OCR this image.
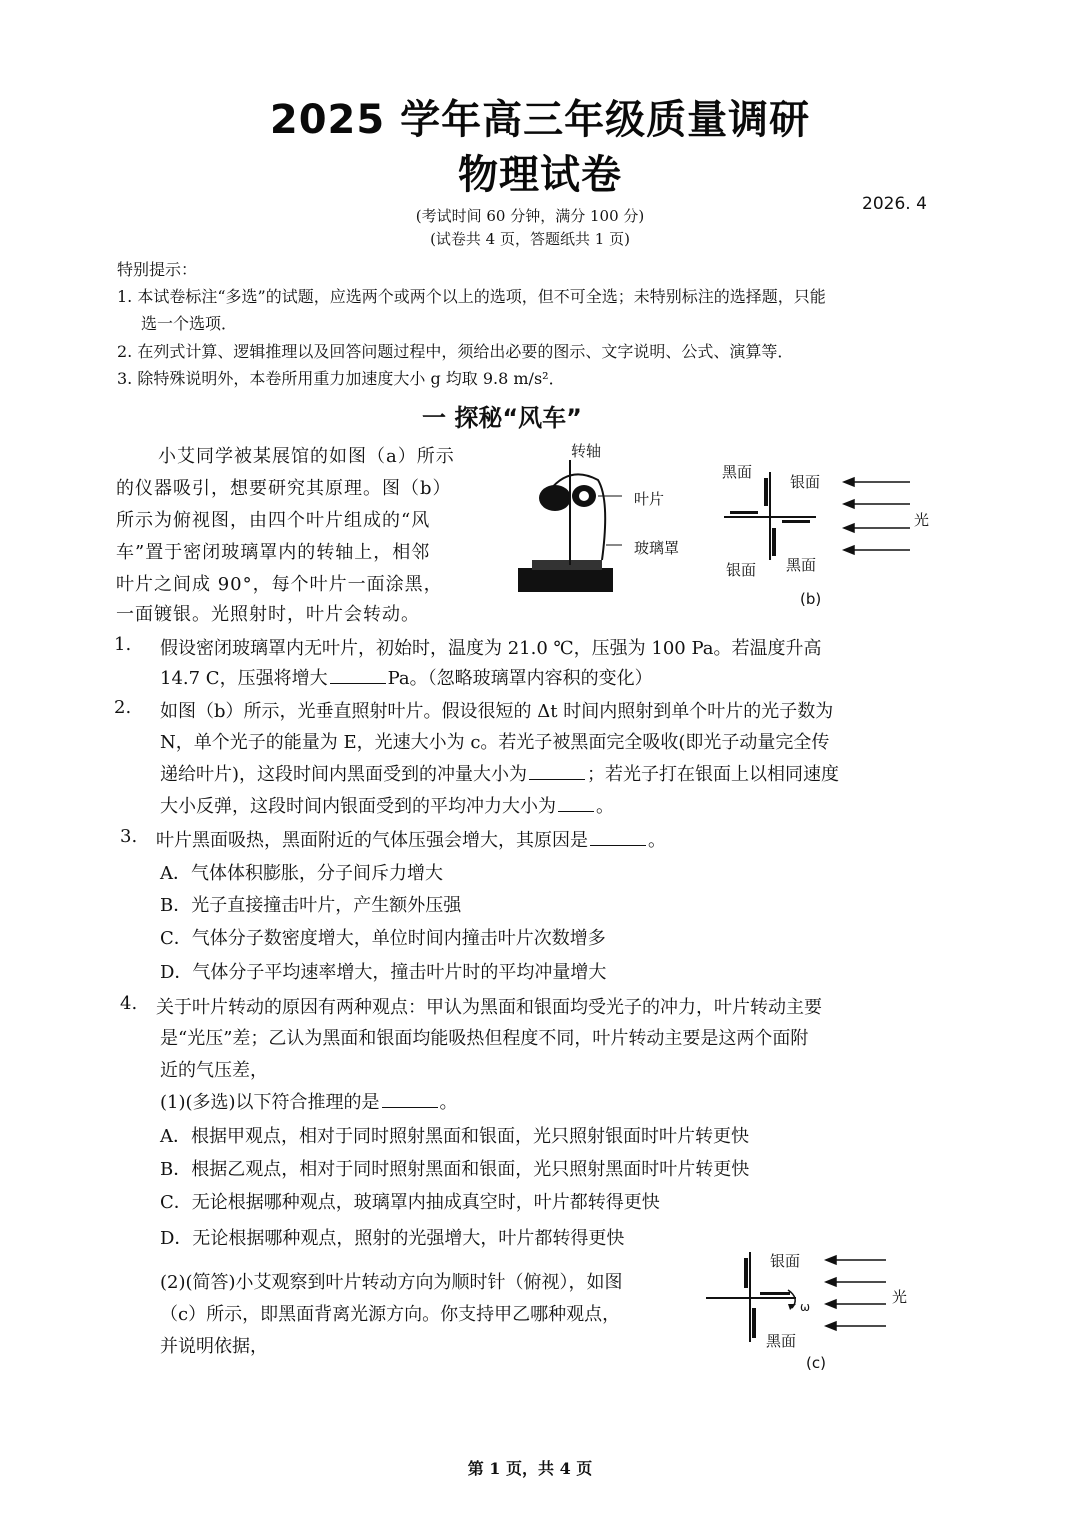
2025 学年高三年级质量调研
物理试卷
2026. 4
(考试时间 60 分钟，满分 100 分)
(试卷共 4 页，答题纸共 1 页)
特别提示：
1. 本试卷标注“多选”的试题，应选两个或两个以上的选项，但不可全选；未特别标注的选择题，只能
选一个选项．
2. 在列式计算、逻辑推理以及回答问题过程中，须给出必要的图示、文字说明、公式、演算等．
3. 除特殊说明外，本卷所用重力加速度大小 g 均取 9.8 m/s²．
一 探秘“风车”
小艾同学被某展馆的如图（a）所示
的仪器吸引，想要研究其原理。图（b）
所示为俯视图，由四个叶片组成的“风
车”置于密闭玻璃罩内的转轴上，相邻
叶片之间成 90°，每个叶片一面涂黑，
一面镀银。光照射时，叶片会转动。
转轴
叶片
玻璃罩
黑面
银面
银面 黑面
光
(b)
1. 假设密闭玻璃罩内无叶片，初始时，温度为 21.0 ℃，压强为 100 Pa。若温度升高
14.7 C，压强将增大	Pa。（忽略玻璃罩内容积的变化）
2. 如图（b）所示，光垂直照射叶片。假设很短的 Δt 时间内照射到单个叶片的光子数为
N，单个光子的能量为 E，光速大小为 c。若光子被黑面完全吸收(即光子动量完全传
递给叶片)，这段时间内黑面受到的冲量大小为	；若光子打在银面上以相同速度
大小反弹，这段时间内银面受到的平均冲力大小为 。
3. 叶片黑面吸热，黑面附近的气体压强会增大，其原因是	。
A．气体体积膨胀，分子间斥力增大
B．光子直接撞击叶片，产生额外压强
C．气体分子数密度增大，单位时间内撞击叶片次数增多
D．气体分子平均速率增大，撞击叶片时的平均冲量增大
4. 关于叶片转动的原因有两种观点：甲认为黑面和银面均受光子的冲力，叶片转动主要
是“光压”差；乙认为黑面和银面均能吸热但程度不同，叶片转动主要是这两个面附
近的气压差，
(1)(多选)以下符合推理的是	。
A．根据甲观点，相对于同时照射黑面和银面，光只照射银面时叶片转更快
B．根据乙观点，相对于同时照射黑面和银面，光只照射黑面时叶片转更快
C．无论根据哪种观点，玻璃罩内抽成真空时，叶片都转得更快
D．无论根据哪种观点，照射的光强增大，叶片都转得更快
(2)(简答)小艾观察到叶片转动方向为顺时针（俯视），如图
（c）所示，即黑面背离光源方向。你支持甲乙哪种观点，
并说明依据，
银面
黑面
ω
光
(c)
第 1 页，共 4 页
